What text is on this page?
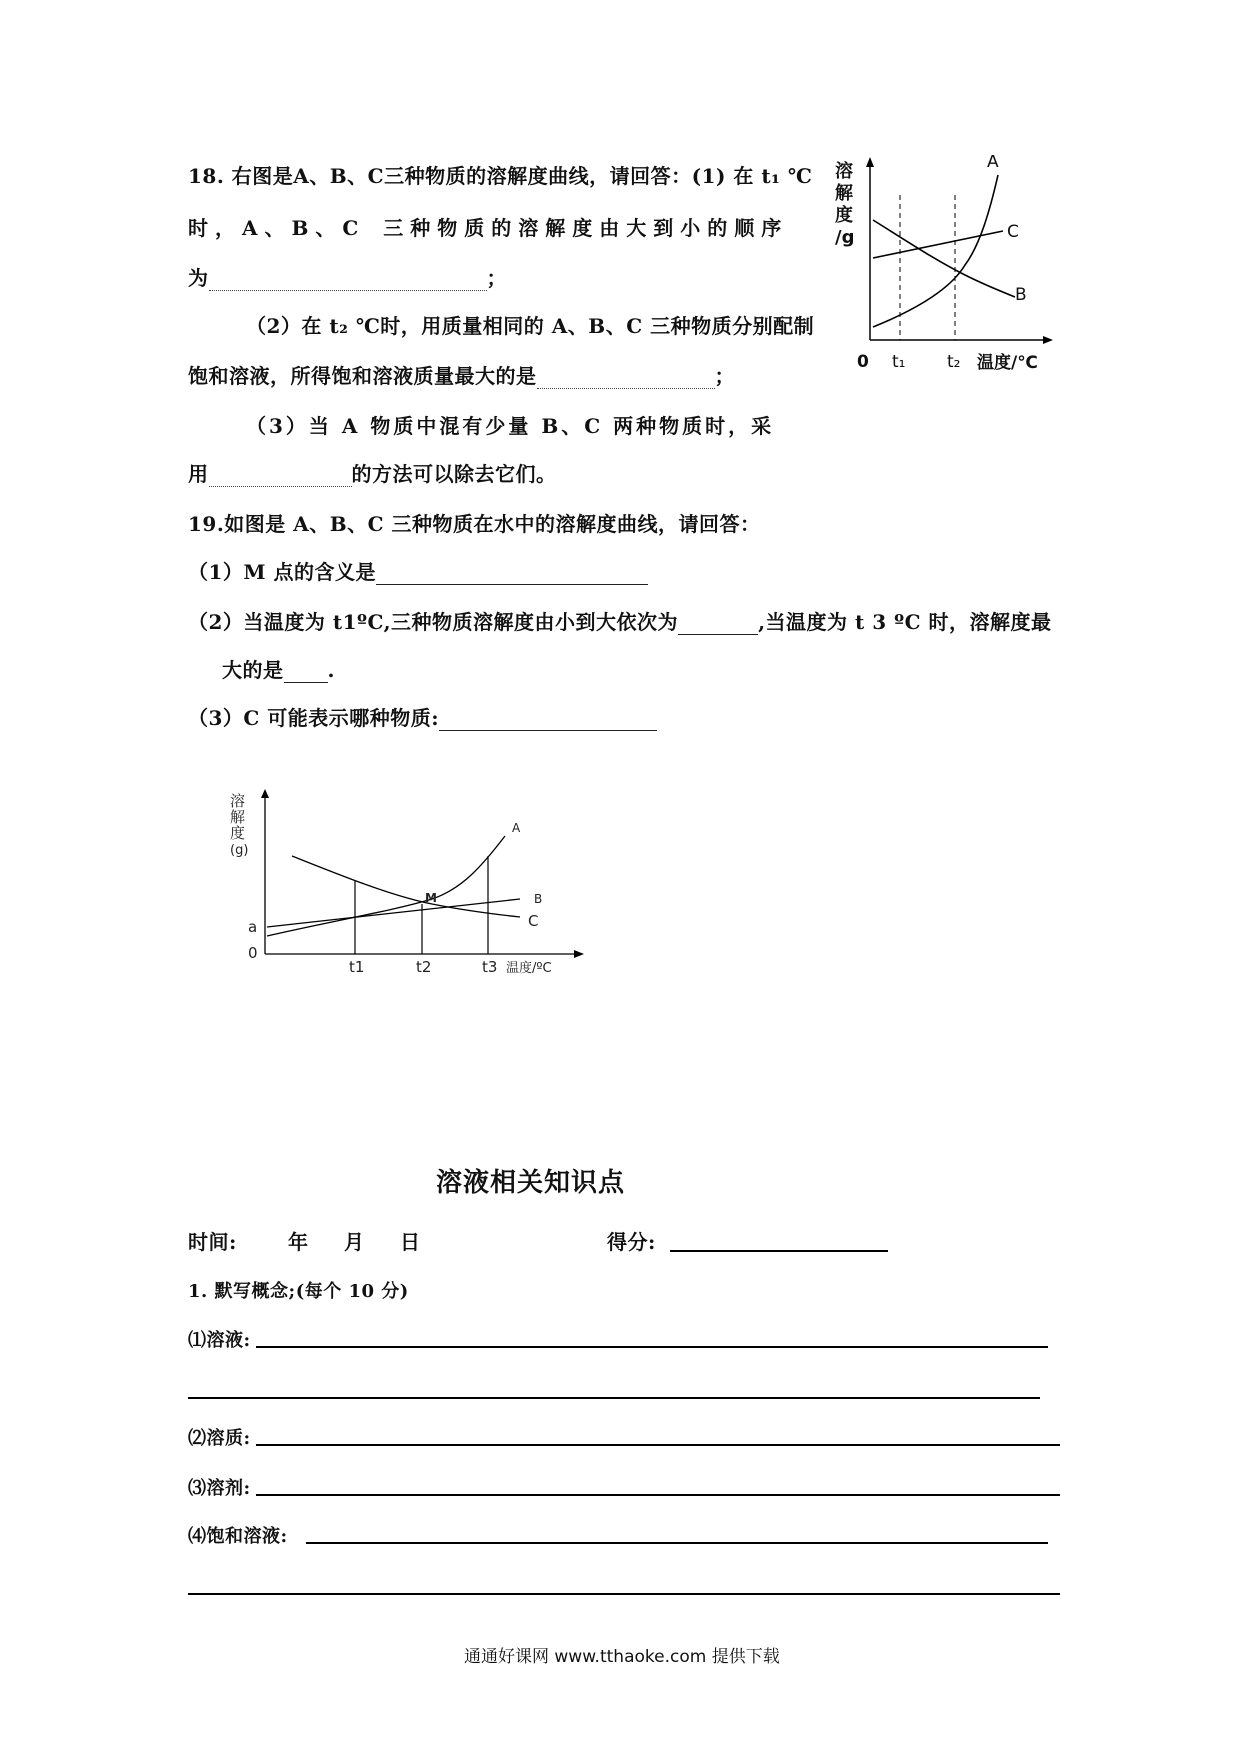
18. 右图是A、B、C三种物质的溶解度曲线，请回答：(1) 在 t₁ ℃
时，A、B、C 三种物质的溶解度由大到小的顺序
为	；
（2）在 t₂ ℃时，用质量相同的 A、B、C 三种物质分别配制
饱和溶液，所得饱和溶液质量最大的是	；
（3）当 A 物质中混有少量 B、C 两种物质时，采
用	的方法可以除去它们。
溶
解
度
/g
A
C
B
0 t₁ t₂ 温度/℃
19.如图是 A、B、C 三种物质在水中的溶解度曲线，请回答：
（1）M 点的含义是
（2）当温度为 t1ºC,三种物质溶解度由小到大依次为	,当温度为 t 3 ºC 时，溶解度最
大的是 .
（3）C 可能表示哪种物质:
溶
解
度
(g)
a
0
A
B
C
M
t1	t2	t3 温度/ºC
溶液相关知识点
时间:	年 月 日	得分:
1. 默写概念;(每个 10 分)
⑴溶液:
⑵溶质:
⑶溶剂:
⑷饱和溶液:
通通好课网 www.tthaoke.com 提供下载
